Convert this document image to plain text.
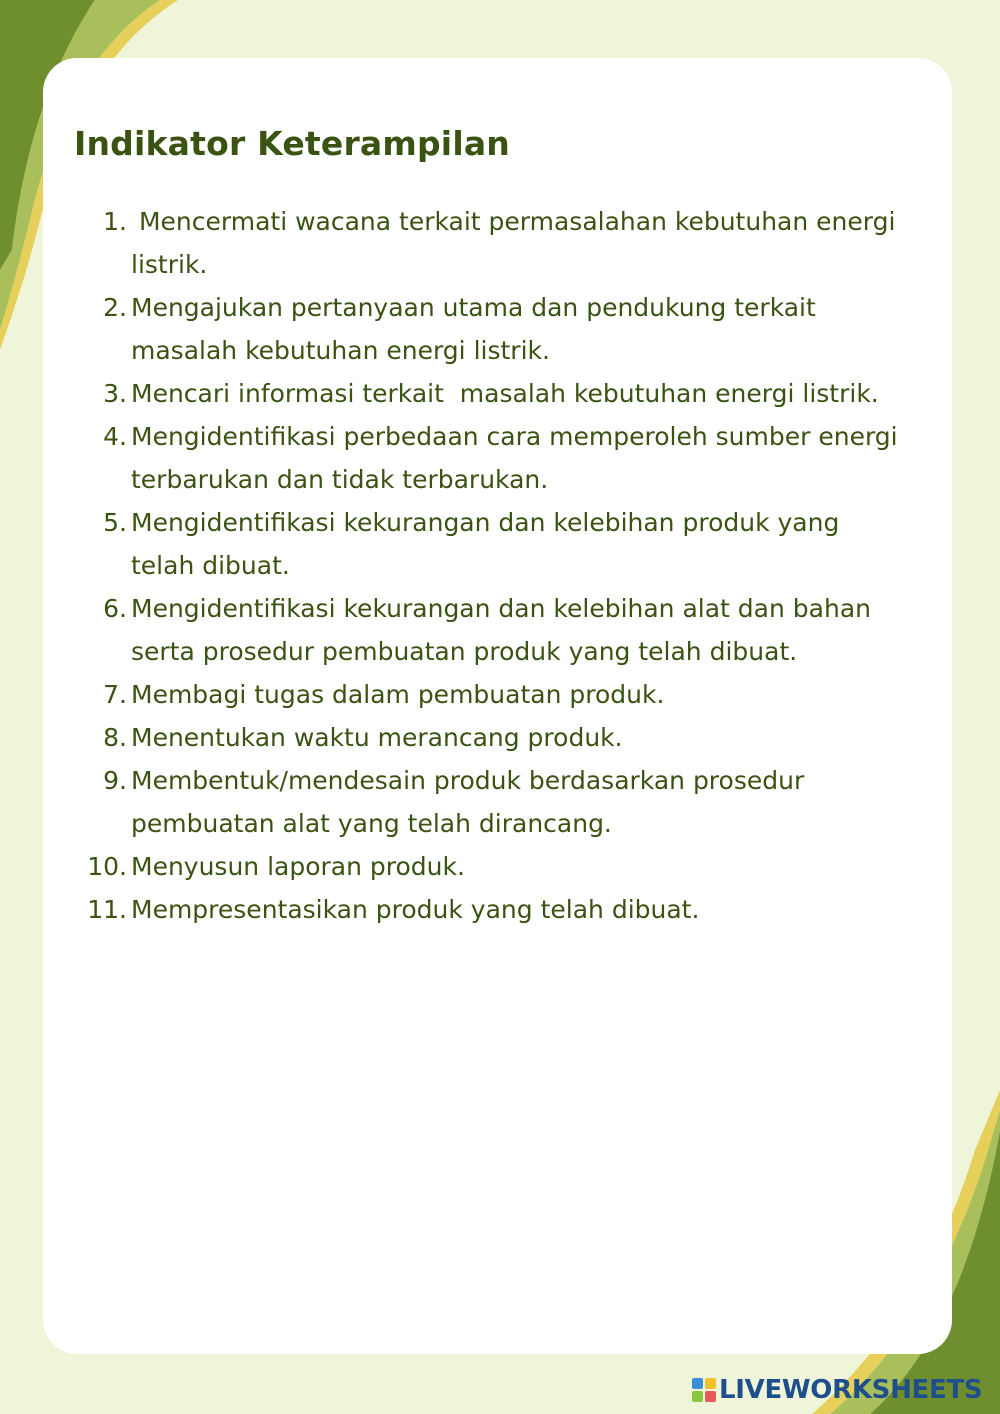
Indikator Keterampilan
1. Mencermati wacana terkait permasalahan kebutuhan energi listrik.
2. Mengajukan pertanyaan utama dan pendukung terkait masalah kebutuhan energi listrik.
3. Mencari informasi terkait  masalah kebutuhan energi listrik.
4. Mengidentifikasi perbedaan cara memperoleh sumber energi terbarukan dan tidak terbarukan.
5. Mengidentifikasi kekurangan dan kelebihan produk yang telah dibuat.
6. Mengidentifikasi kekurangan dan kelebihan alat dan bahan serta prosedur pembuatan produk yang telah dibuat.
7. Membagi tugas dalam pembuatan produk.
8. Menentukan waktu merancang produk.
9. Membentuk/mendesain produk berdasarkan prosedur pembuatan alat yang telah dirancang.
10. Menyusun laporan produk.
11. Mempresentasikan produk yang telah dibuat.
LIVEWORKSHEETS
